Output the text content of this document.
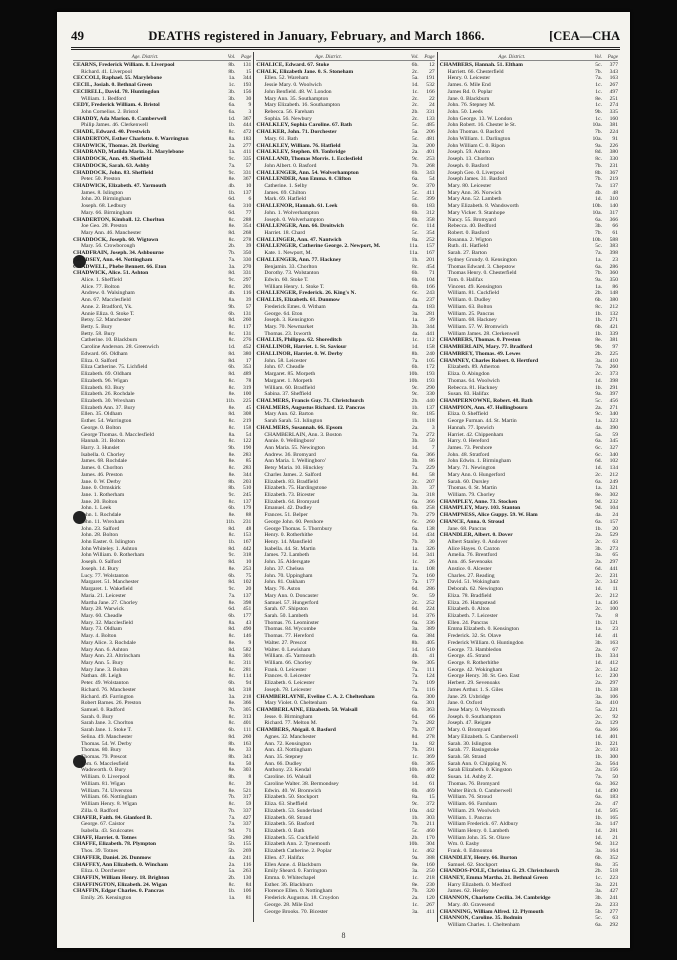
49	DEATHS registered in January, February, and March 1866.	[CEA—CHA
Age. District.	Vol.	Page
CEARNS, Frederick William. 8. Liverpool	8b.	131
Richard. 41. Liverpool	8b.	15
CECCOLI, Raphael. 55. Marylebone	1a.	344
CECIL, Josiah. 0. Bethnal Green	1c.	193
CECIRELL, David. 78. Huntingdon	3b.	156
William. 1. Bedford	3b.	30
CEDY, Frederick William. 4. Bristol	6a.	9
John Cornelius. 2. Bristol	6a.	3
CHADDY, Ada Marion. 0. Camberwell	1d.	367
Philip James. 46. Clerkenwell	1b.	444
CHADE, Edward. 40. Prestwich	8c.	472
CHADERTON, Esther Charlotte. 0. Warrington	8a.	183
CHADWICK, Thomas. 28. Dorking	2a.	277
CHADRAND, Matilda Maria. 31. Marylebone	1a.	411
CHADDOCK, Ann. 49. Sheffield	9c.	335
CHADDOCK, Sarah. 63. Ashby	7a.	57
CHADDOCK, John. 83. Sheffield	9c.	331
Peter. 50. Preston	8e.	367
CHADWICK, Elizabeth. 47. Yarmouth	4b.	10
James. 8. Islington	1b.	137
John. 20. Birmingham	6d.	6
Joseph. 68. Ledbury	6a.	310
Mary. 66. Birmingham	6d.	77
CHADERTON, Kimball. 12. Chorlton	8c.	288
Joe Geo. 28. Preston	8e.	354
Mary Ann. 46. Manchester	8d.	268
CHADDOCK, Joseph. 60. Wigtown	8c.	278
Mary. 56. Crowborough	2b.	39
CHADFRAIN, Joseph. 34. Ashbourne	7b.	350
CHADSEY, Ann. 44. Nottingham	7a.	330
CHADWELL, Phebe Bennett. 66. Eton	3a.	270
CHADWICK, Alice. 51. Ashton	8d.	331
Alice. 1. Sheffield	9c.	297
Alice. 77. Bolton	8c.	201
Andrew. 0. Walsingham	4b.	116
Ann. 67. Macclesfield	8a.	39
Anne. 2. Bradford, Yk.	9b.	57
Annie Eliza. 0. Stoke T.	6b.	131
Betsy. 52. Manchester	8d.	260
Betty. 5. Bury	8c.	117
Betty. 58. Bury	8c.	131
Catherine. 10. Blackburn	8c.	276
Caroline Anderson. 28. Greenwich	1d.	452
Edward. 66. Oldham	8d.	380
Eliza. 0. Salford	8d.	17
Eliza Catherine. 75. Lichfield	6b.	353
Elizabeth. 69. Oldham	8d.	489
Elizabeth. 96. Wigan	8c.	78
Elizabeth. 83. Bury	8c.	319
Elizabeth. 26. Rochdale	8e.	100
Elizabeth. 30. Wrexham	11b.	225
Elizabeth Ann. 37. Bury	8e.	45
Ellen. 35. Oldham	8d.	308
Esther. 54. Warrington	8c.	219
George. 0. Bolton	8c.	158
George Thomas. 0. Macclesfield	8a.	54
Hannah. 31. Bolton	8c.	122
Harry. 3. Hunslet	9b.	190
Isabella. 0. Chorley	8e.	283
James. 68. Rochdale	8e.	85
James. 0. Chorlton	8c.	283
James. 46. Preston	8e.	344
Jane. 0. W. Derby	8b.	203
Jane. 0. Ormskirk	8b.	510
Jane. 1. Rotherham	9c.	245
Jane. 20. Bolton	8c.	137
John. 1. Leek	6b.	179
John. 1. Rochdale	8e.	88
John. 11. Wrexham	11b.	231
John. 23. Salford	8d.	48
John. 28. Bolton	8c.	153
John Easter. 0. Islington	1b.	167
John Whiteley. 1. Ashton	8d.	442
John William. 0. Rotherham	9c.	318
Joseph. 0. Salford	8d.	10
Joseph. 14. Bury	8e.	253
Lucy. 77. Wolstanton	6b.	75
Margaret. 51. Manchester	8d.	102
Margaret. 1. Wakefield	9c.	20
Maria. 21. Leicester	7a.	137
Martha Jane. 27. Chorley	8e.	398
Mary. 28. Warwick	6d.	451
Mary. 60. Cheadle	6b.	177
Mary. 32. Macclesfield	8a.	43
Mary. 73. Oldham	8d.	490
Mary. 4. Bolton	8c.	146
Mary Alice. 3. Rochdale	8e.	9
Mary Ann. 6. Ashton	8d.	582
Mary Ann. 23. Altrincham	8a.	301
Mary Ann. 5. Bury	8c.	311
Mary Jane. 3. Bolton	8c.	281
Nathan. 48. Leigh	8c.	114
Peter. 49. Wolstanton	6b.	94
Richard. 76. Manchester	8d.	318
Richard. 49. Farrington	3a.	218
Robert Barnes. 26. Preston	8e.	366
Samuel. 0. Radford	7b.	305
Sarah. 0. Bury	8c.	313
Sarah Jane. 3. Chorlton	8c.	401
Sarah Jane. 1. Stoke T.	6b.	111
Selina. 49. Manchester	8d.	260
Thomas. 54. W. Derby	8b.	163
Thomas. 80. Bury	8e.	33
Thomas. 79. Prescot	8b.	343
Tom. 6. Macclesfield	8a.	50
Wadsworth. 0. Bury	8e.	303
William. 0. Liverpool	8b.	8
William. 81. Wigan	8c.	39
William. 74. Ulverston	8e.	521
William. 66. Nottingham	7b.	317
William Henry. 8. Wigan	8c.	59
Zilla. 0. Radford	7b.	337
CHAFER, Faith. 84. Glanford B.	7a.	427
George. 67. Caistor	7a.	337
Isabella. 43. Sculcoates	9d.	71
CHAFF, Harriet. 0. Totnes	5b.	280
CHAFFE, Elizabeth. 78. Plympton	5b.	155
Thos. 39. Totnes	5b.	269
CHAFFER, Daniel. 26. Dunmow	4a.	241
CHAFFEY, Ann Elizabeth. 0. Wincham	2a.	116
Eliza. 0. Dorchester	5a.	263
CHAFFIN, William Henry. 18. Brighton	2b.	130
CHAFFINGTON, Elizabeth. 24. Wigan	8c.	84
CHAFFIN, Edgar Charles. 0. Pancras	1b.	106
Emily. 26. Kensington	1a.	81
Age. District.	Vol.	Page
CHALICE, Edward. 67. Stoke	6b.	12
CHALK, Elizabeth Jane. 0. S. Stoneham	2c.	27
Ellen. 52. Wareham	5a.	191
Jessie Mary. 0. Woolwich	1d.	532
John Benfield. 48. W. London	1c.	166
Mary Ann. 35. Southampton	2c.	22
Mary Elizabeth. 16. Southampton	2c.	24
Rebecca. 56. Fareham	2b.	331
Sophia. 56. Newbury	2c.	133
CHALKLEY, Sophia Caroline. 67. Bath	5c.	485
CHALKER, John. 71. Dorchester	5a.	206
Mary. 61. Bath	5c.	481
CHALKLEY, William. 76. Hatfield	3a.	200
CHALKLEY, Stephen. 69. Tonbridge	2a.	401
CHALLAND, Thomas Morris. 1. Ecclesfield	9c.	253
John Albert. 0. Basford	7b.	268
CHALLENGER, Ann. 54. Wolverhampton	6b.	343
CHALLENDER, Ann Emma. 0. Clifton	6a.	54
Catherine. 1. Selby	9c.	370
James. 69. Chilton	5c.	411
Mark. 69. Hatfield	5c.	399
CHALLENOR, Hannah. 61. Leek	6b.	183
John. 1. Wolverhampton	6b.	312
Joseph. 0. Wolverhampton	6b.	358
CHALLENGER, Ann. 66. Droitwich	6c.	114
Harriet. 18. Chard	5c.	354
CHALLINGER, Ann. 47. Nantwich	8a.	252
CHALLENGER, Catherine George. 2. Newport, M.	11a.	157
Kate. 1. Newport, M.	11a.	167
CHALLENGER, Ann. 77. Hackney	1b.	201
Benjamin. 33. Chorlton	8c.	454
Dorothy. 73. Wolstanton	6b.	71
Edwin. 60. Stoke T.	6b.	104
William Henry. 1. Stoke T.	6b.	166
CHALLENGER, Frederick. 26. King's N.	6c.	243
CHALLIS, Elizabeth. 61. Dunmow	4a.	237
Frederick Emes. 0. Witham	4a.	183
George. 64. Eton	3a.	281
Joseph. 3. Kensington	1a.	39
Mary. 70. Newmarket	3b.	344
Thomas. 23. Ixworth	4a.	441
CHALLIS, Philippa. 62. Shoreditch	1c.	112
CHALLINOR, Harriet. 1. St. Saviour	1d.	158
CHALLINOR, Harriet. 0. W. Derby	8b.	240
John. 58. Leicester	7a.	105
John. 67. Cheadle	6b.	172
Margaret. 85. Morpeth	10b.	193
Margaret. 1. Morpeth	10b.	193
William. 60. Bradfield	9c.	290
Sabina. 37. Sheffield	9c.	330
CHALMERS, Francis Guy. 71. Christchurch	2b.	440
CHALMERS, Augustus Richard. 12. Pancras	1b.	137
Mary Ann. 62. Barton	8c.	185
Sarah Sarah. 51. Islington	1b.	118
CHALMERS, Susannah. 66. Epsom	2a.	3
CHAMBERLAIN, Ann. 3. Boston	7a.	272
Annie. 0. Wellingboro'	3b.	50
Ann Maria. 55. Newington	1d.	7
Andrew. 36. Bromyard	6a.	366
Ann Maria. 1. Wellingboro'	3b.	86
Betsy Maria. 10. Hinckley	7a.	229
Charles James. 2. Salford	8d.	58
Elizabeth. 83. Bradfield	2c.	207
Elizabeth. 75. Hardingstone	3b.	37
Elizabeth. 73. Bicester	3a.	318
Elizabeth. 64. Bromyard	6a.	366
Emanuel. 42. Dudley	6b.	258
Frances. 51. Belper	7b.	279
George John. 60. Pershore	6c.	260
George Thomas. 5. Thornbury	6a.	138
Henry. 0. Rotherhithe	1d.	434
Henry. 14. Mansfield	7b.	30
Isabella. 44. St. Martin	1a.	326
James. 72. Lambeth	1d.	341
John. 35. Aldersgate	1c.	26
John. 37. Chelsea	1a.	108
John. 70. Uppingham	7a.	160
John. 81. Oakham	7a.	177
Mary. 76. Aston	6d.	286
Mary Ann. 0. Doncaster	9c.	59
Samuel. 57. Hungerford	2c.	252
Sarah. 67. Shipston	6d.	224
Sarah. 50. Lambeth	1d.	376
Thomas. 76. Leominster	6a.	336
Thomas. 84. Wycombe	3a.	389
Thomas. 77. Hereford	6a.	384
Walter. 27. Prescot	8b.	405
Walter. 0. Lewisham	1d.	510
William. 45. Yarmouth	4b.	41
William. 66. Chorley	8e.	305
Frank. 0. Leicester	7a.	111
Frances. 0. Leicester	7a.	124
Elizabeth. 6. Leicester	7a.	109
Joseph. 78. Leicester	7a.	116
CHAMBERLAYNE, Eveline C. A. 2. Cheltenham	6a.	300
Mary Violet. 0. Cheltenham	6a.	301
CHAMBERLAINE, Elizabeth. 50. Walsall	6b.	363
Jesse. 0. Birmingham	6d.	66
Richard. 77. Melton M.	7a.	282
CHAMBERS, Abigail. 0. Basford	7b.	207
Agnes. 32. Manchester	8d.	278
Ann. 72. Kensington	1a.	82
Ann. 43. Nottingham	7b.	391
Ann. 35. Stepney	1c.	369
Ann. 66. Dudley	6b.	365
Anthony. 23. Kendal	10b.	469
Caroline. 16. Walsall	6b.	402
Caroline Walter. 38. Bermondsey	1d.	61
Edwin. 40. W. Bromwich	6b.	469
Elizabeth. 50. Stockport	8a.	15
Eliza. 63. Sheffield	9c.	372
Elizabeth. 53. Sunderland	10a.	442
Elizabeth. 68. Strand	1b.	303
Elizabeth. 56. Basford	7b.	211
Elizabeth. 0. Bath	5c.	460
Elizabeth. 55. Cuckfield	2b.	170
Elizabeth Ann. 2. Tynemouth	10b.	304
Elizabeth Catherine. 2. Poplar	1c.	462
Ellen. 47. Halifax	9a.	388
Ellen Anne. 4. Blackburn	8e.	160
Emily Sheard. 0. Farrington	3a.	250
Emma. 0. Whitechapel	1c.	218
Esther. 36. Blackburn	8e.	230
Florence Ellen. 0. Nottingham	7b.	320
Frederick Augustus. 18. Croydon	2a.	120
George. 28. Mile End	1c.	267
George Brooks. 70. Bicester	3a.	411
Age. District.	Vol.	Page
CHAMBERS, Hannah. 51. Eltham	5c.	377
Harriett. 66. Chesterfield	7b.	343
Henry. 0. Leicester	7a.	163
James. 6. Mile End	1c.	267
James Rd. 0. Poplar	1c.	497
Jane. 0. Blackburn	8e.	251
John. 76. Stepney M.	1c.	274
John. 50. Leeds	9b.	335
John George. 13. W. London	1c.	160
John Robert. 16. Chester le St.	10a.	381
John Thomas. 0. Basford	7b.	224
John William. 1. Darlington	10a.	91
John William C. 0. Ripon	9a.	226
Joseph. 59. Ashton	8d.	380
Joseph. 13. Chorlton	8c.	330
Joseph. 0. Basford	7b.	231
Joseph Geo. 0. Liverpool	8b.	367
Joseph James. 31. Basford	7b.	219
Mary. 80. Leicester	7a.	137
Mary Ann. 36. Norwich	4b.	48
Mary Ann. 52. Lambeth	1d.	310
Mary Elizabeth. 8. Wandsworth	10b.	140
Mary Vicker. 9. Stanhope	10a.	317
Nancy. 55. Bromyard	6a.	366
Rebecca. 40. Bedford	3b.	66
Robert. 0. Basford	7b.	61
Rosanna. 2. Wigton	10b.	588
Ruth. 41. Hatfield	5c.	383
Sarah. 27. Barton	7a.	398
Sydney Grundy. 0. Kensington	1a.	23
Thomas Edward. 3. Chepstow	6a.	286
Thomas Henry. 0. Chesterfield	7b.	360
Tom. 0. Halifax	9a.	350
Vincent. 49. Kensington	1a.	86
William. 81. Cuckfield	2b.	148
William. 0. Dudley	6b.	380
William. 63. Bolton	8c.	212
William. 25. Pancras	1b.	132
William. 68. Hackney	1b.	271
William. 57. W. Bromwich	6b.	421
William James. 28. Clerkenwell	1b.	339
CHAMBERS, Thomas. 0. Preston	8e.	381
CHAMBERLAIN, Mary. 77. Bradford	9b.	97
CHAMBREY, Thomas. 49. Lewes	2b.	225
CHAMNEY, Charles Robert. 0. Hertford	3a.	410
Elizabeth. 89. Atherton	7a.	260
Eliza. 0. Abingdon	2c.	373
Thomas. 64. Woolwich	1d.	398
Rebecca. 81. Hackney	1b.	291
Susan. 83. Halifax	9a.	397
CHAMPERNOWNE, Robert. 48. Bath	5c.	456
CHAMPION, Ann. 47. Hollingbourn	2a.	271
Eliza. 0. Sheffield	9c.	340
George Furman. 44. St. Martin	1a.	323
Hannah. 77. Ipswich	4a.	390
Harriet. 42. Chippenham	5a.	59
Harry. 0. Hereford	6a.	345
James. 73. Pershore	6c.	327
John. 48. Stratford	6c.	340
John Edwin. 1. Birmingham	6d.	102
Mary. 71. Newington	1d.	134
Mary Ann. 0. Hungerford	2c.	212
Sarah. 60. Dursley	6a.	249
Thomas. 0. St. Martin	1a.	321
William. 79. Chorley	8e.	302
CHAMPLEY, Anne. 73. Stocken	9d.	232
CHAMPLEY, Mary. 103. Stanton	9d.	104
CHAMPNESS, Alice Guppy. 59. W. Ham	4a.	24
CHANCE, Anna. 0. Stroud	6a.	157
Jane. 68. Pancras	1b.	20
CHANDLER, Albert. 0. Dover	2a.	529
Albert Stanley. 0. Andover	2c.	63
Alice Hayes. 0. Caxton	3b.	273
Amelia. 76. Brentford	3a.	65
Ann. 46. Sevenoaks	2a.	297
Anstice. 0. Alcester	6d.	441
Charles. 27. Reading	2c.	231
David. 51. Wokingham	2c.	342
Deborah. 62. Newington	1d.	11
Eliza. 78. Bradfield	2c.	212
Eliza. 26. Hampstead	1a.	436
Elizabeth. 0. Alton	2c.	100
Elizabeth. 7. Leicester	7a.	8
Ellen. 24. Pancras	1b.	121
Emma Elizabeth. 0. Kensington	1a.	23
Frederick. 32. St. Olave	1d.	41
Frederick William. 0. Huntingdon	3b.	163
George. 73. Hambledon	2a.	67
George. 45. Strand	1b.	334
George. 8. Rotherhithe	1d.	412
George. 42. Wokingham	2c.	342
George Henry. 30. St. Geo. East	1c.	230
Herbert. 29. Sevenoaks	2a.	297
James Arthur. 1. S. Giles	1b.	338
Jane. 29. Uxbridge	3a.	106
Jane. 0. Oxford	3a.	410
Jesse Mary. 0. Weymouth	5a.	221
Joseph. 0. Southampton	2c.	92
Joseph. 47. Reigate	2a.	129
Mary. 0. Bromyard	6a.	366
Mary Elizabeth. 5. Camberwell	1d.	401
Sarah. 30. Islington	1b.	221
Sarah. 77. Basingstoke	2c.	103
Sarah. 58. Strand	1b.	300
Sarah Ann. 0. Chipping N.	3a.	564
Sarah Elizabeth. 0. Kingston	2a.	156
Susan. 14. Ashby Z.	7a.	50
Thomas. 76. Bromyard	6a.	362
Walter Birch. 0. Camberwell	1d.	490
William. 76. Stroud	6a.	183
William. 66. Farnham	2a.	47
William. 29. Woolwich	1d.	505
William. 1. Pancras	1b.	165
William Frederick. 67. Aldbury	3a.	147
William Henry. 0. Lambeth	1d.	281
William John. 35. St. Olave	1d.	21
Wm. 0. Easby	9d.	312
Frank. 0. Edmonton	3a.	164
CHANDLEY, Henry. 66. Burton	6b.	352
Samuel. 62. Stockport	8a.	35
CHANDOS-POLE, Christina G. 29. Christchurch	2b.	518
CHANEY, Emma Martha. 21. Bethnal Green	1c.	223
Harry Elizabeth. 0. Medford	3a.	221
James. 62. Henley	3a.	427
CHANNON, Charlotte Cecilia. 34. Cambridge	3b.	241
Mary. 40. Gravesend	2a.	233
CHANNING, William Alfred. 12. Plymouth	5b.	277
CHANNON, Caroline. 35. Bodmin	5c.	63
William Charles. 1. Cheltenham	6a.	292
8
